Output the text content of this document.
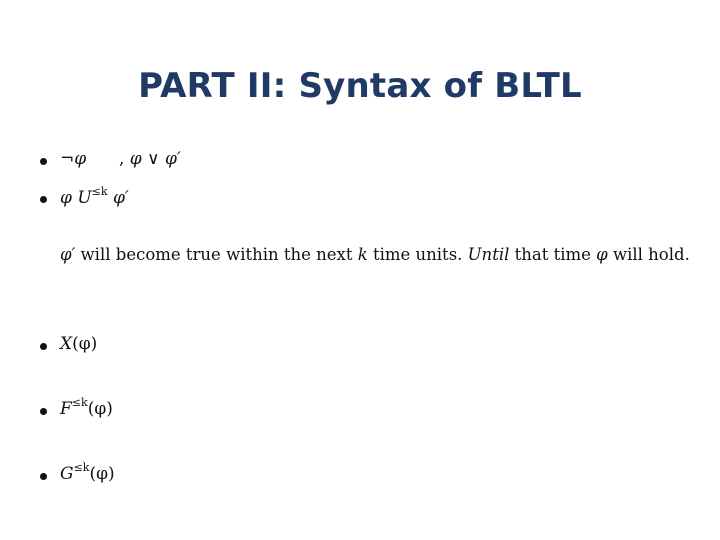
PART II: Syntax of BLTL
¬φ , φ ∨ φ′
φ $U^{\le k}$ φ′
φ′ will become true within the next k time units. Until that time φ will hold.
X(φ)
$F^{\le k}(\varphi)$
$G^{\le k}(\varphi)$
